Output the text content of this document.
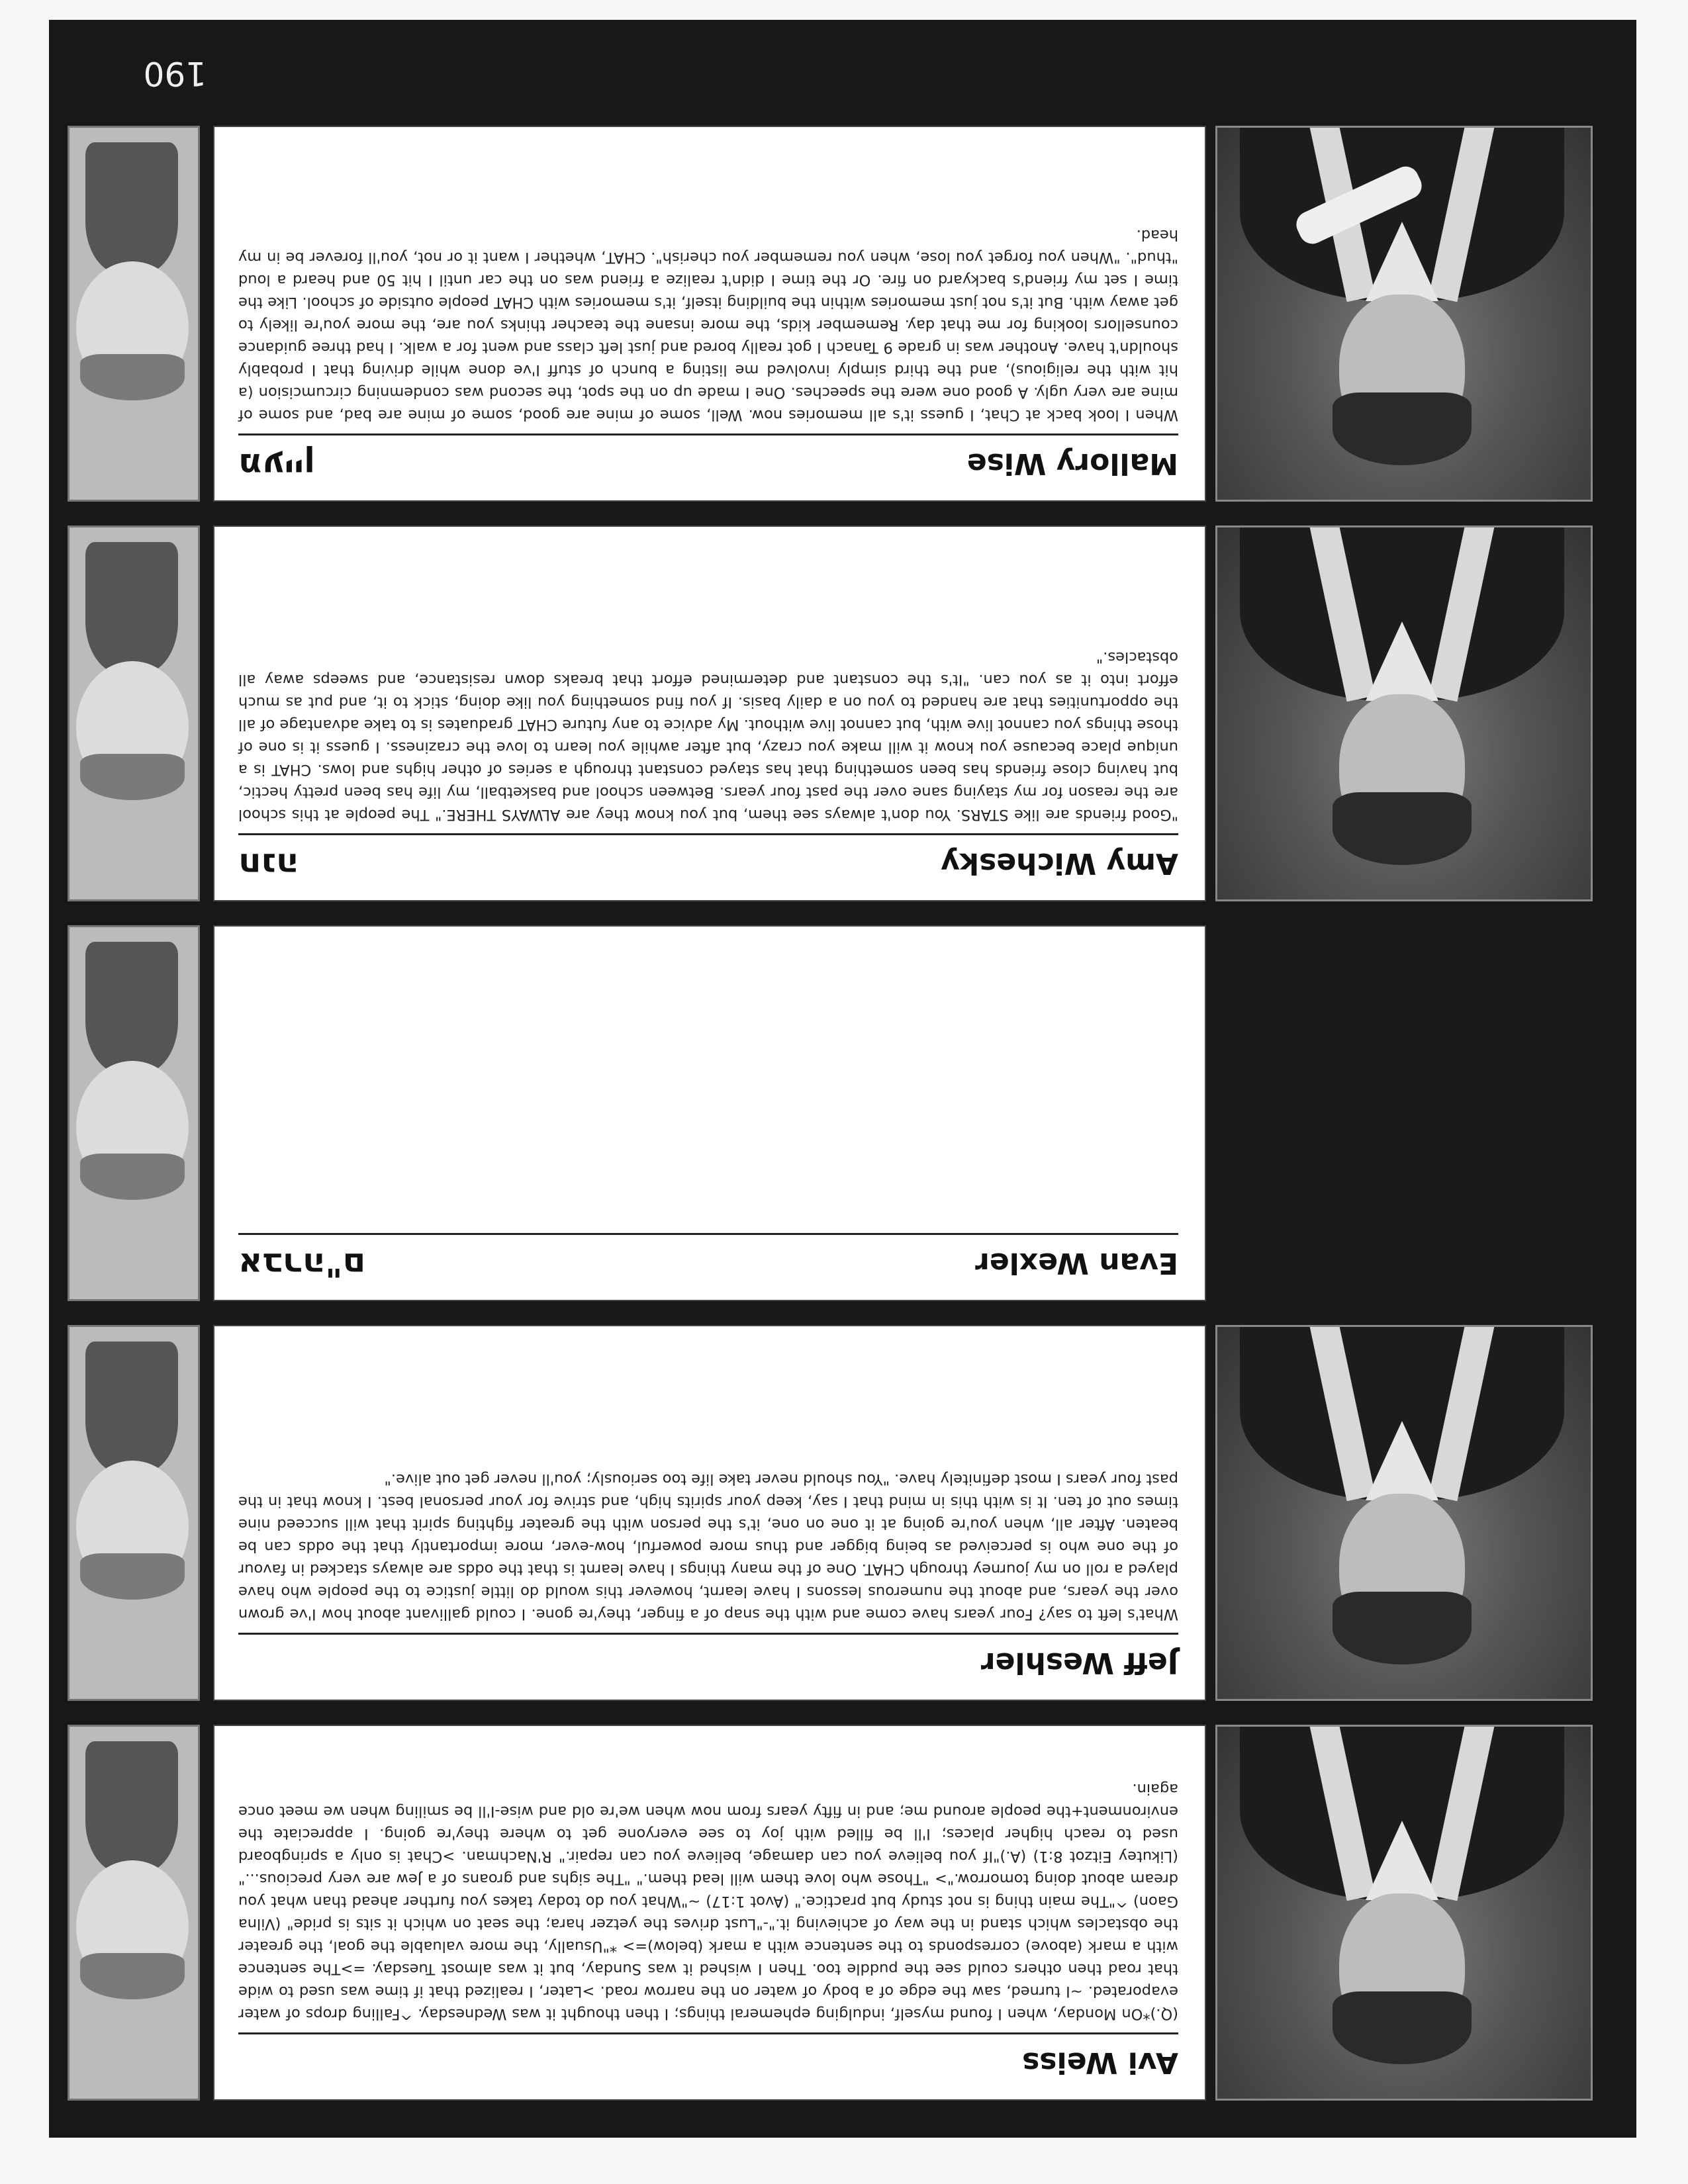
Avi Weiss
(Q.)*On Monday, when I found myself, indulging ephemeral things; I then thought it was Wednesday. ^Falling drops of water evaporated. ~I turned, saw the edge of a body of water on the narrow road. >Later, I realized that if time was used to wide that road then others could see the puddle too. Then I wished it was Sunday, but it was almost Tuesday. =>The sentence with a mark (above) corresponds to the sentence with a mark (below)=> *"Usually, the more valuable the goal, the greater the obstacles which stand in the way of achieving it."-"Lust drives the yetzer hara; the seat on which it sits is pride" (Vilna Gaon) ^"The main thing is not study but practice." (Avot 1:17) ~"What you do today takes you further ahead than what you dream about doing tomorrow."> "Those who love them will lead them." "The sighs and groans of a Jew are very precious..." (Likutey Eitzot 8:1) (A.)"If you believe you can damage, believe you can repair." R'Nachman. >Chat is only a springboard used to reach higher places; I'll be filled with joy to see everyone get to where they're going. I appreciate the environment+the people around me; and in fifty years from now when we're old and wise-I'll be smiling when we meet once again.
Jeff Weshler
What's left to say? Four years have come and with the snap of a finger, they're gone. I could gallivant about how I've grown over the years, and about the numerous lessons I have learnt, however this would do little justice to the people who have played a roll on my journey through CHAT. One of the many things I have learnt is that the odds are always stacked in favour of the one who is perceived as being bigger and thus more powerful, how-ever, more importantly that the odds can be beaten. After all, when you're going at it one on one, it's the person with the greater fighting spirit that will succeed nine times out of ten. It is with this in mind that I say, keep your spirits high, and strive for your personal best. I know that in the past four years I most definitely have. "You should never take life too seriously; you'll never get out alive."
Evan Wexler
אברה"ם
Amy Wichesky
חנה
"Good friends are like STARS. You don't always see them, but you know they are ALWAYS THERE." The people at this school are the reason for my staying sane over the past four years. Between school and basketball, my life has been pretty hectic, but having close friends has been something that has stayed constant through a series of other highs and lows. CHAT is a unique place because you know it will make you crazy, but after awhile you learn to love the craziness. I guess it is one of those things you cannot live with, but cannot live without. My advice to any future CHAT graduates is to take advantage of all the opportunities that are handed to you on a daily basis. If you find something you like doing, stick to it, and put as much effort into it as you can. "It's the constant and determined effort that breaks down resistance, and sweeps away all obstacles."
Mallory Wise
מעיין
When I look back at Chat, I guess it's all memories now. Well, some of mine are good, some of mine are bad, and some of mine are very ugly. A good one were the speeches. One I made up on the spot, the second was condemning circumcision (a hit with the religious), and the third simply involved me listing a bunch of stuff I've done while driving that I probably shouldn't have. Another was in grade 9 Tanach I got really bored and just left class and went for a walk. I had three guidance counsellors looking for me that day. Remember kids, the more insane the teacher thinks you are, the more you're likely to get away with. But it's not just memories within the building itself, it's memories with CHAT people outside of school. Like the time I set my friend's backyard on fire. Or the time I didn't realize a friend was on the car until I hit 50 and heard a loud "thud". "When you forget you lose, when you remember you cherish". CHAT, whether I want it or not, you'll forever be in my head.
190
